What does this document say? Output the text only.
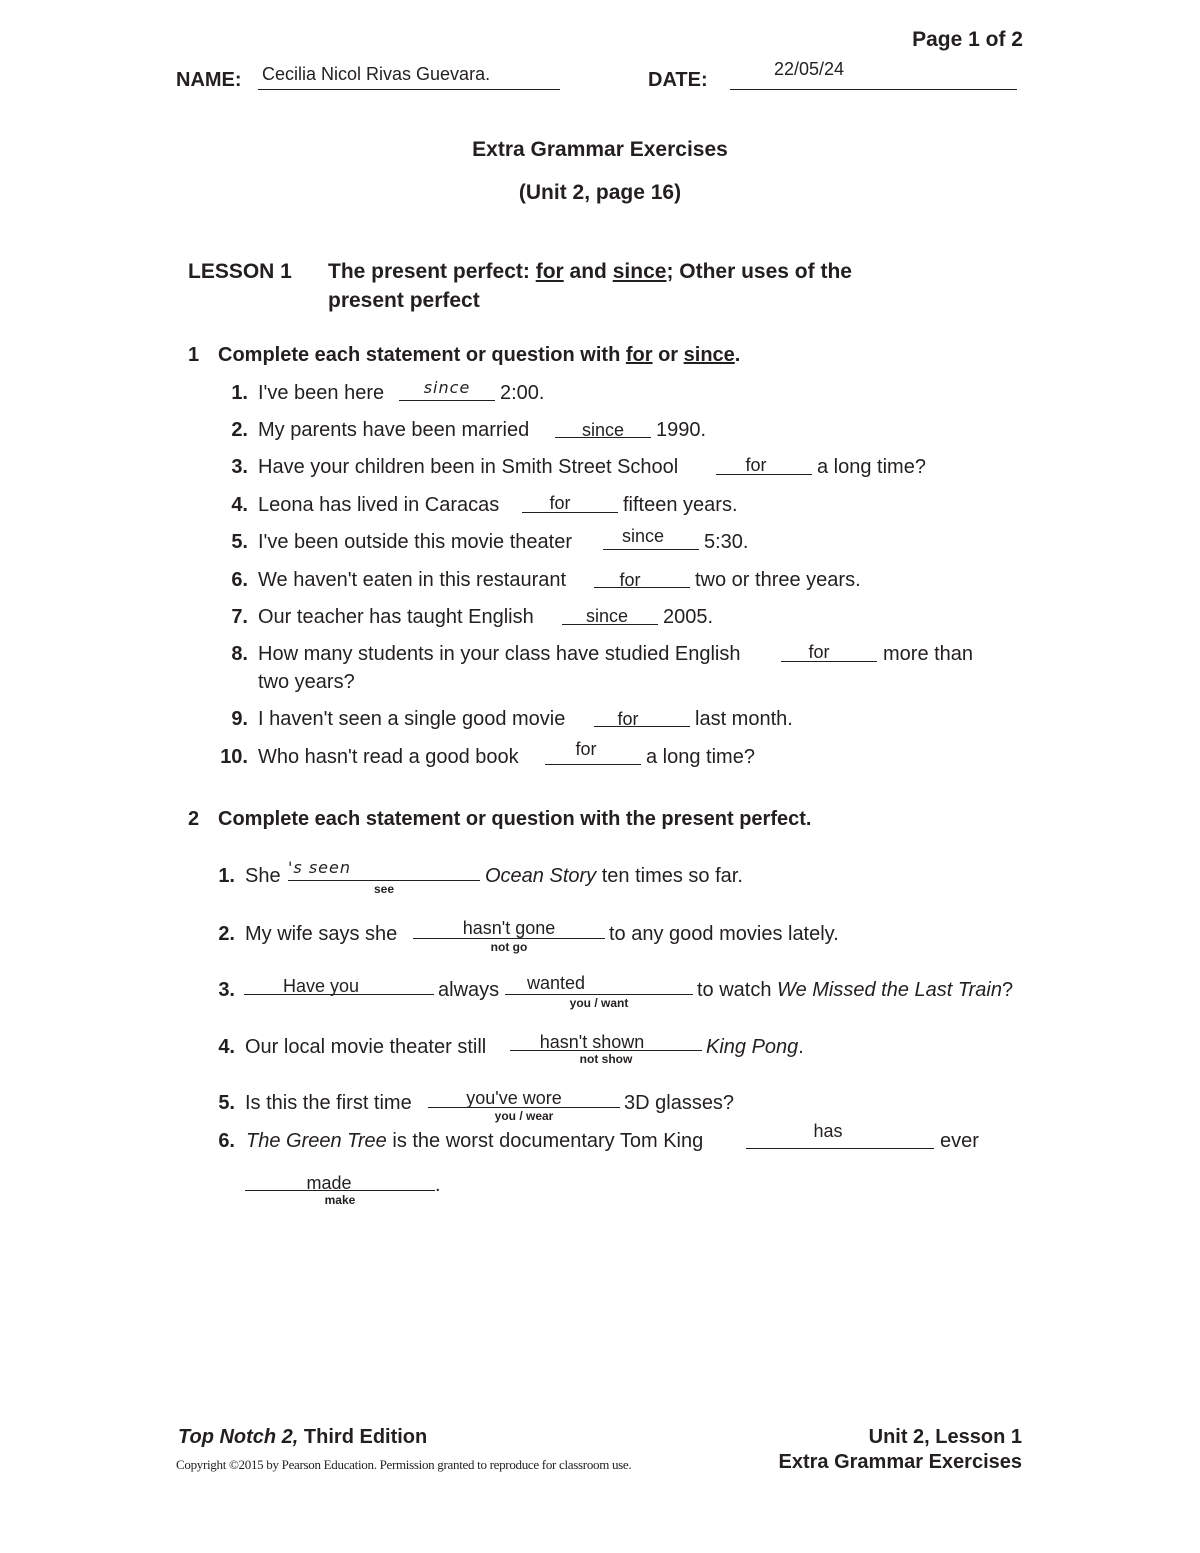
Page 1 of 2
NAME: Cecilia Nicol Rivas Guevara.	DATE:	22/05/24
Extra Grammar Exercises
(Unit 2, page 16)
LESSON 1 The present perfect: for and since; Other uses of the
present perfect
1 Complete each statement or question with for or since.
1. I've been here	since	2:00.
2. My parents have been married	since	1990.
3. Have your children been in Smith Street School	for	a long time?
4. Leona has lived in Caracas	for	fifteen years.
5. I've been outside this movie theater	since	5:30.
6. We haven't eaten in this restaurant	for	two or three years.
7. Our teacher has taught English	since	2005.
8. How many students in your class have studied English	for	more than
two years?
9. I haven't seen a single good movie	for	last month.
10. Who hasn't read a good book	for	a long time?
2 Complete each statement or question with the present perfect.
1. She 's seen
see
Ocean Story ten times so far.
2. My wife says she	hasn't gone
not go
to any good movies lately.
3.	Have you	always	wanted
you / want
to watch We Missed the Last Train?
4. Our local movie theater still	hasn't shown
not show
King Pong.
5. Is this the first time	you've wore
you / wear
3D glasses?
6. The Green Tree is the worst documentary Tom King	has	ever
made
make
.
Top Notch 2, Third Edition
Copyright ©2015 by Pearson Education. Permission granted to reproduce for classroom use.
Unit 2, Lesson 1
Extra Grammar Exercises
